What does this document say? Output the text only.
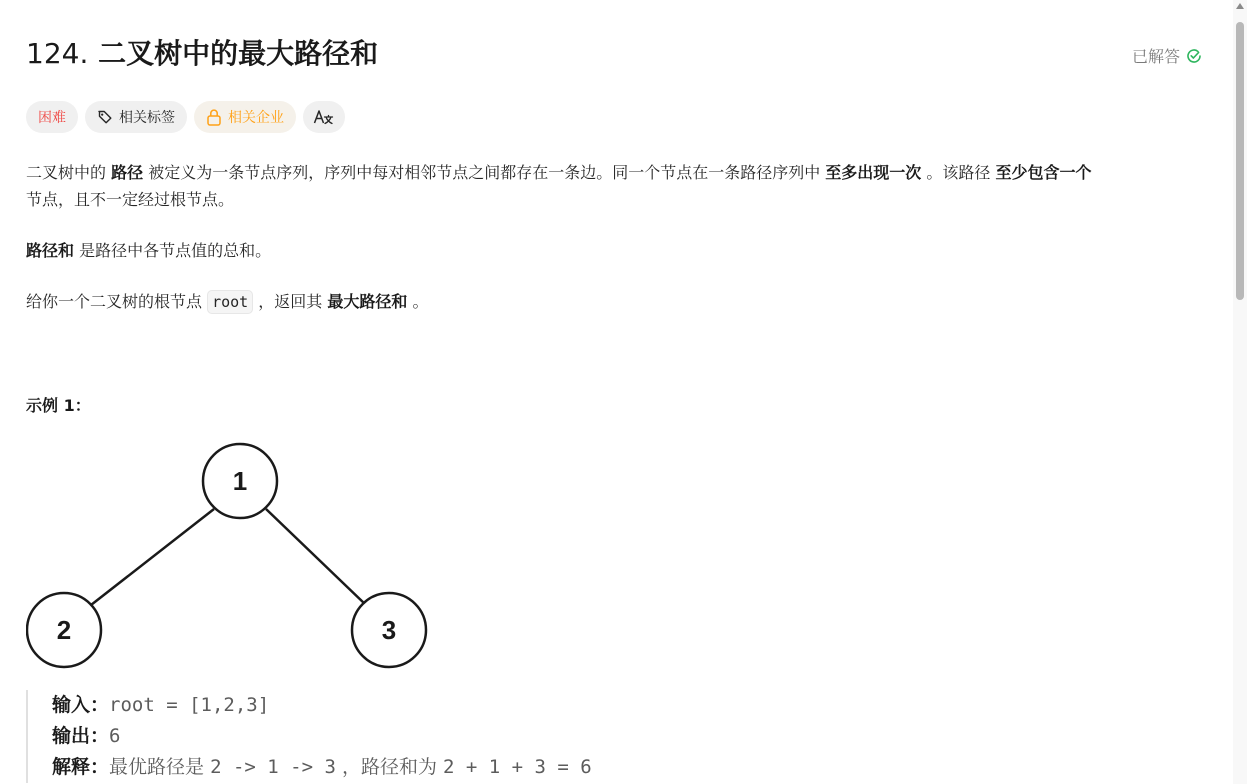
124. 二叉树中的最大路径和	已解答
困难	相关标签	相关企业
二叉树中的 路径 被定义为一条节点序列，序列中每对相邻节点之间都存在一条边。同一个节点在一条路径序列中 至多出现一次 。该路径 至少包含一个
节点，且不一定经过根节点。
路径和 是路径中各节点值的总和。
给你一个二叉树的根节点 root ，返回其 最大路径和 。
示例 1：
1
2	3
输入：root = [1,2,3]
输出：6
解释：最优路径是 2 -> 1 -> 3 ，路径和为 2 + 1 + 3 = 6
